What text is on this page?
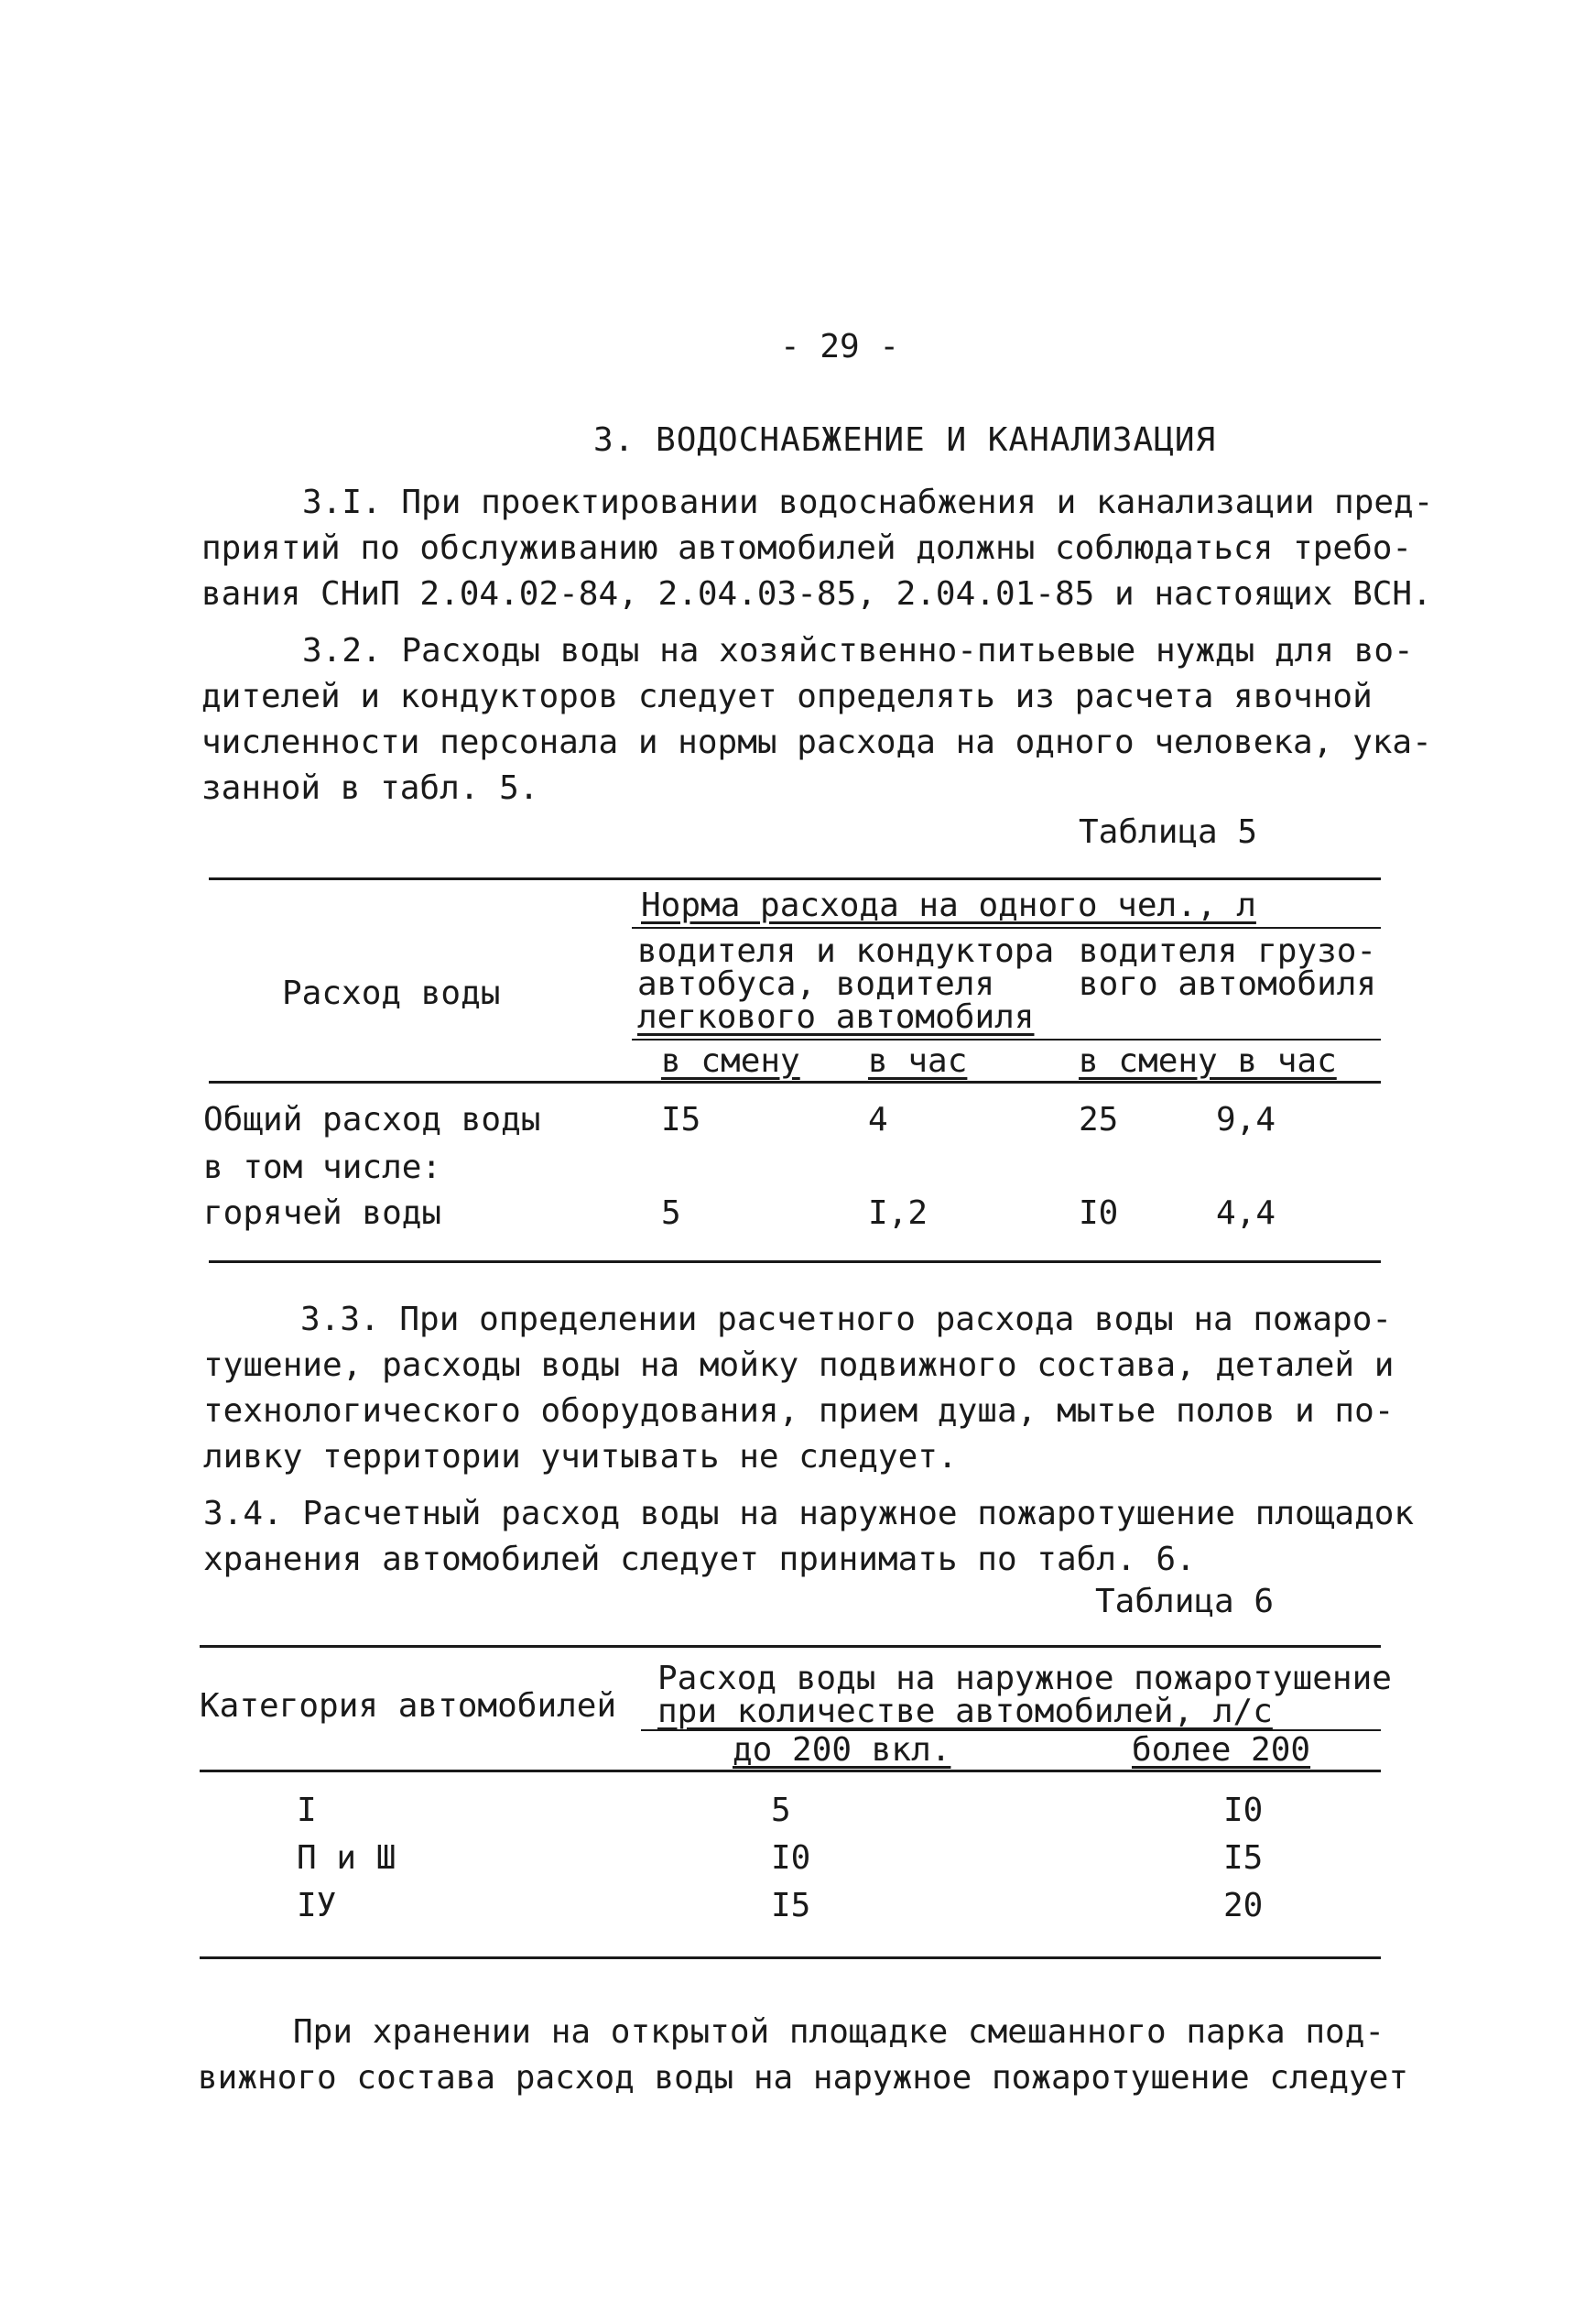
- 29 -
3. ВОДОСНАБЖЕНИЕ И КАНАЛИЗАЦИЯ

3.I. При проектировании водоснабжения и канализации пред-

приятий по обслуживанию автомобилей должны соблюдаться требо-

вания СНиП 2.04.02-84, 2.04.03-85, 2.04.01-85 и настоящих ВСН.

3.2. Расходы воды на хозяйственно-питьевые нужды для во-

дителей и кондукторов следует определять из расчета явочной

численности персонала и нормы расхода на одного человека, ука-

занной в табл. 5.

Таблица 5
Расход воды
Норма расхода на одного чел., л
водителя и кондуктора
автобуса, водителя
легкового автомобиля
водителя грузо-
вого автомобиля
в смену в час	в смену в час
Общий расход воды	I5	4	25	9,4
в том числе:
горячей воды	5	I,2	I0	4,4

3.3. При определении расчетного расхода воды на пожаро-

тушение, расходы воды на мойку подвижного состава, деталей и

технологического оборудования, прием душа, мытье полов и по-

ливку территории учитывать не следует.

3.4. Расчетный расход воды на наружное пожаротушение площадок

хранения автомобилей следует принимать по табл. 6.

Таблица 6
Категория автомобилей
Расход воды на наружное пожаротушение
при количестве автомобилей, л/с
до 200 вкл.	более 200
I	5	I0
П и Ш	I0	I5
IУ	I5	20

При хранении на открытой площадке смешанного парка под-

вижного состава расход воды на наружное пожаротушение следует
